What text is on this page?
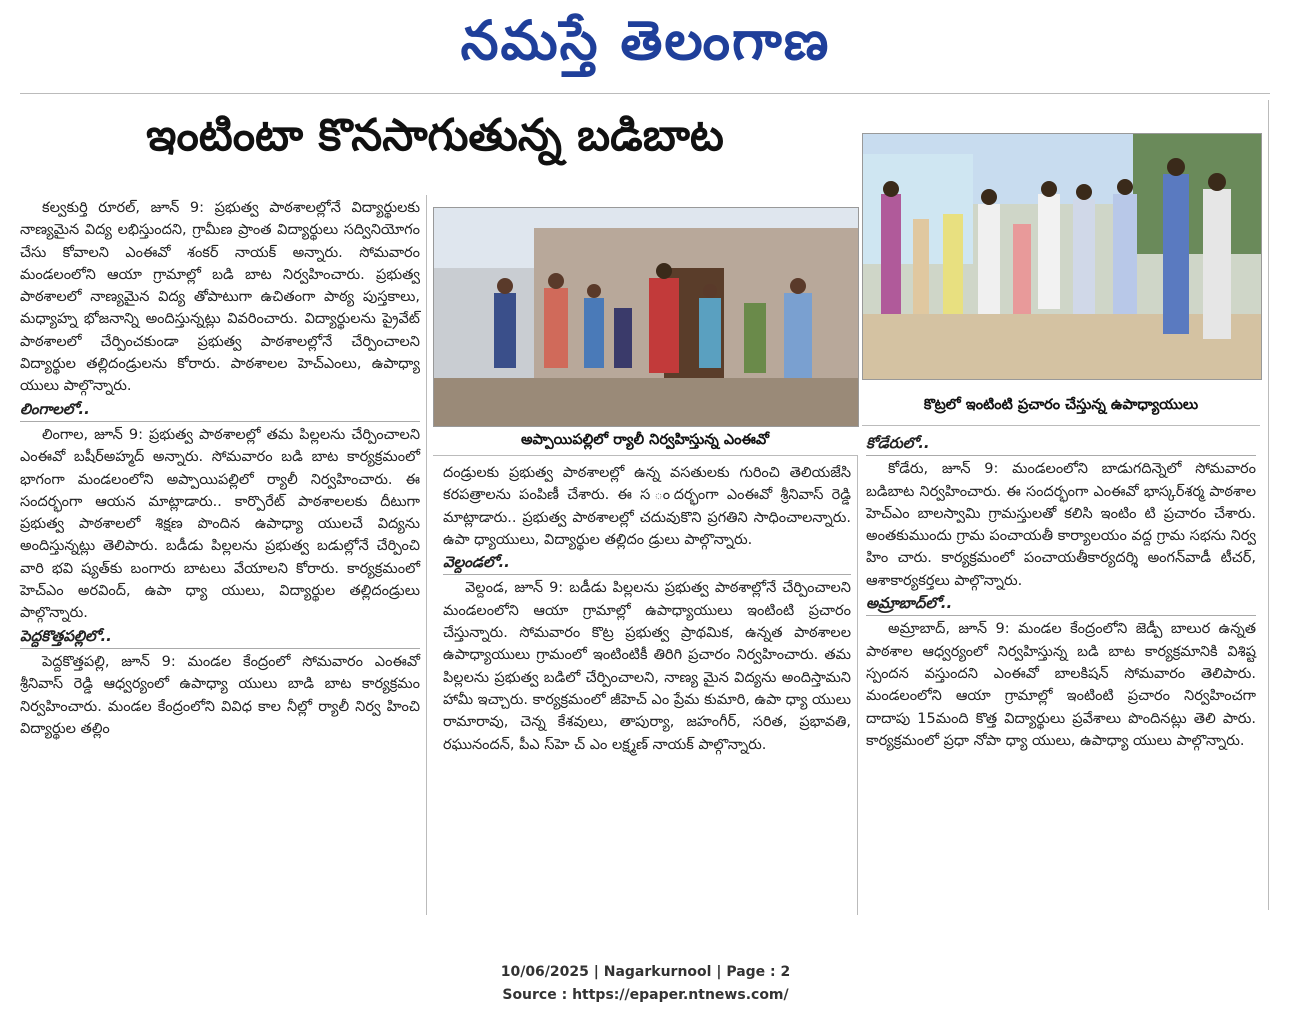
నమస్తే తెలంగాణ
ఇంటింటా కొనసాగుతున్న బడిబాట
అప్పాయిపల్లిలో ర్యాలీ నిర్వహిస్తున్న ఎంఈవో
కొట్రలో ఇంటింటి ప్రచారం చేస్తున్న ఉపాధ్యాయులు

కల్వకుర్తి రూరల్, జూన్ 9: ప్రభుత్వ పాఠశాలల్లోనే విద్యార్థులకు నాణ్యమైన విద్య లభిస్తుందని, గ్రామీణ ప్రాంత విద్యార్థులు సద్వినియోగం చేసు కోవాలని ఎంఈవో శంకర్ నాయక్ అన్నారు. సోమవారం మండలంలోని ఆయా గ్రామాల్లో బడి బాట నిర్వహించారు. ప్రభుత్వ పాఠశాలలో నాణ్యమైన విద్య తోపాటుగా ఉచితంగా పాఠ్య పుస్తకాలు, మధ్యాహ్న భోజనాన్ని అందిస్తున్నట్లు వివరించారు. విద్యార్థులను ప్రైవేట్ పాఠశాలలో చేర్పించకుండా ప్రభుత్వ పాఠశాలల్లోనే చేర్పించాలని విద్యార్థుల తల్లిదండ్రులను కోరారు. పాఠశాలల హెచ్‌ఎంలు, ఉపాధ్యా యులు పాల్గొన్నారు.

లింగాలలో..

లింగాల, జూన్ 9: ప్రభుత్వ పాఠశాలల్లో తమ పిల్లలను చేర్పించాలని ఎంఈవో బషీర్‌అహ్మద్ అన్నారు. సోమవారం బడి బాట కార్యక్రమంలో భాగంగా మండలంలోని అప్పాయిపల్లిలో ర్యాలీ నిర్వహించారు. ఈ సందర్భంగా ఆయన మాట్లాడారు.. కార్పొరేట్ పాఠశాలలకు దీటుగా ప్రభుత్వ పాఠశాలలో శిక్షణ పొందిన ఉపాధ్యా యులచే విద్యను అందిస్తున్నట్లు తెలిపారు. బడీడు పిల్లలను ప్రభుత్వ బడుల్లోనే చేర్పించి వారి భవి ష్యత్‌కు బంగారు బాటలు వేయాలని కోరారు. కార్యక్రమంలో హెచ్‌ఎం అరవింద్, ఉపా ధ్యా యులు, విద్యార్థుల తల్లిదండ్రులు పాల్గొన్నారు.

పెద్దకొత్తపల్లిలో..

పెద్దకొత్తపల్లి, జూన్ 9: మండల కేంద్రంలో సోమవారం ఎంఈవో శ్రీనివాస్ రెడ్డి ఆధ్వర్యంలో ఉపాధ్యా యులు బాడి బాట కార్యక్రమం నిర్వహించారు. మండల కేంద్రంలోని వివిధ కాల నీల్లో ర్యాలీ నిర్వ హించి విద్యార్థుల తల్లిం

దండ్రులకు ప్రభుత్వ పాఠశాలల్లో ఉన్న వసతులకు గురించి తెలియజేసి కరపత్రాలను పంపిణీ చేశారు. ఈ స ందర్భంగా ఎంఈవో శ్రీనివాస్ రెడ్డి మాట్లాడారు.. ప్రభుత్వ పాఠశాలల్లో చదువుకొని ప్రగతిని సాధించాలన్నారు. ఉపా ధ్యాయులు, విద్యార్థుల తల్లిదం డ్రులు పాల్గొన్నారు.

వెల్దండలో..

వెల్దండ, జూన్ 9: బడీడు పిల్లలను ప్రభుత్వ పాఠశాల్లోనే చేర్పించాలని మండలంలోని ఆయా గ్రామాల్లో ఉపాధ్యాయులు ఇంటింటి ప్రచారం చేస్తున్నారు. సోమవారం కొట్ర ప్రభుత్వ ప్రాథమిక, ఉన్నత పాఠశాలల ఉపాధ్యాయులు గ్రామంలో ఇంటింటికీ తిరిగి ప్రచారం నిర్వహించారు. తమ పిల్లలను ప్రభుత్వ బడిలో చేర్పించాలని, నాణ్య మైన విద్యను అందిస్తామని హామీ ఇచ్చారు. కార్యక్రమంలో జీహెచ్ ఎం ప్రేమ కుమారి, ఉపా ధ్యా యులు రామారావు, చెన్న కేశవులు, తాపుర్యా, జహంగీర్, సరిత, ప్రభావతి, రఘునందన్, పీఎ స్‌హె చ్‌ ఎం లక్ష్మణ్ నాయక్ పాల్గొన్నారు.

కోడేరులో..

కోడేరు, జూన్ 9: మండలంలోని బాడుగదిన్నెలో సోమవారం బడిబాట నిర్వహించారు. ఈ సందర్భంగా ఎంఈవో భాస్కర్‌శర్మ పాఠశాల హెచ్‌ఎం బాలస్వామి గ్రామస్తులతో కలిసి ఇంటిం టి ప్రచారం చేశారు. అంతకుముందు గ్రామ పంచాయతీ కార్యాలయం వద్ద గ్రామ సభను నిర్వ హిం చారు. కార్యక్రమంలో పంచాయతీకార్యదర్శి అంగన్‌వాడీ టీచర్, ఆశాకార్యకర్తలు పాల్గొన్నారు.

అమ్రాబాద్‌లో..

అమ్రాబాద్, జూన్ 9: మండల కేంద్రంలోని జెడ్పీ బాలుర ఉన్నత పాఠశాల ఆధ్వర్యంలో నిర్వహిస్తున్న బడి బాట కార్యక్రమానికి విశిష్ట స్పందన వస్తుందని ఎంఈవో బాలకిషన్ సోమవారం తెలిపారు. మండలంలోని ఆయా గ్రామాల్లో ఇంటింటి ప్రచారం నిర్వహించగా దాదాపు 15మంది కొత్త విద్యార్థులు ప్రవేశాలు పొందినట్లు తెలి పారు. కార్యక్రమంలో ప్రధా నోపా ధ్యా యులు, ఉపాధ్యా యులు పాల్గొన్నారు.

10/06/2025 | Nagarkurnool | Page : 2
Source : https://epaper.ntnews.com/
